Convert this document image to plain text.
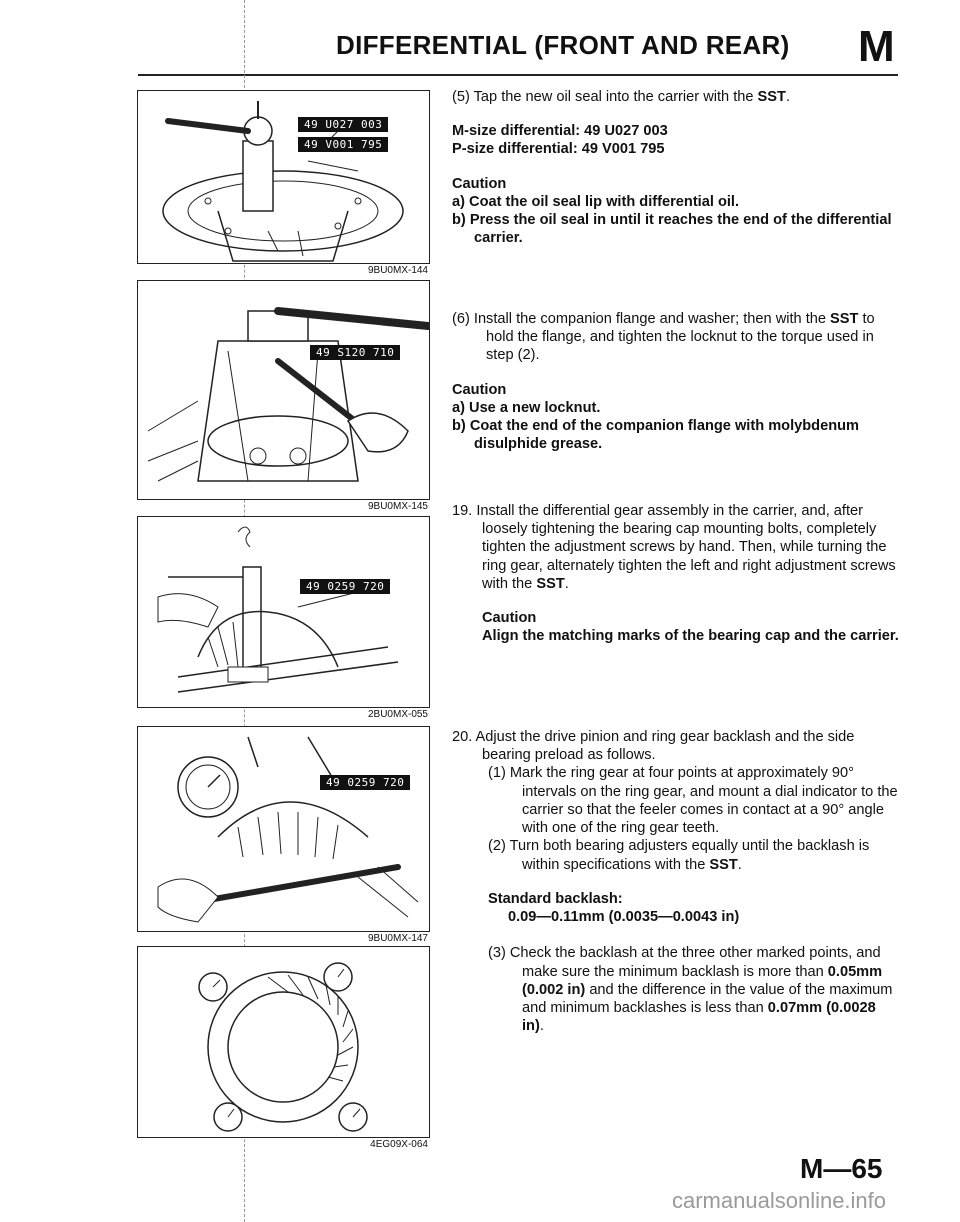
DIFFERENTIAL (FRONT AND REAR) M
49 U027 003
49 V001 795
9BU0MX-144
49 S120 710
9BU0MX-145
49 0259 720
2BU0MX-055
49 0259 720
9BU0MX-147
4EG09X-064

(5) Tap the new oil seal into the carrier with the SST.

M-size differential: 49 U027 003

P-size differential: 49 V001 795

Caution

a) Coat the oil seal lip with differential oil.

b) Press the oil seal in until it reaches the end of the differential carrier.

(6) Install the companion flange and washer; then with the SST to hold the flange, and tighten the locknut to the torque used in step (2).

Caution

a) Use a new locknut.

b) Coat the end of the companion flange with molybdenum disulphide grease.

19. Install the differential gear assembly in the carrier, and, after loosely tightening the bearing cap mounting bolts, completely tighten the adjustment screws by hand. Then, while turning the ring gear, alternately tighten the left and right adjustment screws with the SST.

Caution

Align the matching marks of the bearing cap and the carrier.

20. Adjust the drive pinion and ring gear backlash and the side bearing preload as follows.

(1) Mark the ring gear at four points at approximately 90° intervals on the ring gear, and mount a dial indicator to the carrier so that the feeler comes in contact at a 90° angle with one of the ring gear teeth.

(2) Turn both bearing adjusters equally until the backlash is within specifications with the SST.

Standard backlash:

0.09—0.11mm (0.0035—0.0043 in)

(3) Check the backlash at the three other marked points, and make sure the minimum backlash is more than 0.05mm (0.002 in) and the difference in the value of the maximum and minimum backlashes is less than 0.07mm (0.0028 in).

M—65
carmanualsonline.info
